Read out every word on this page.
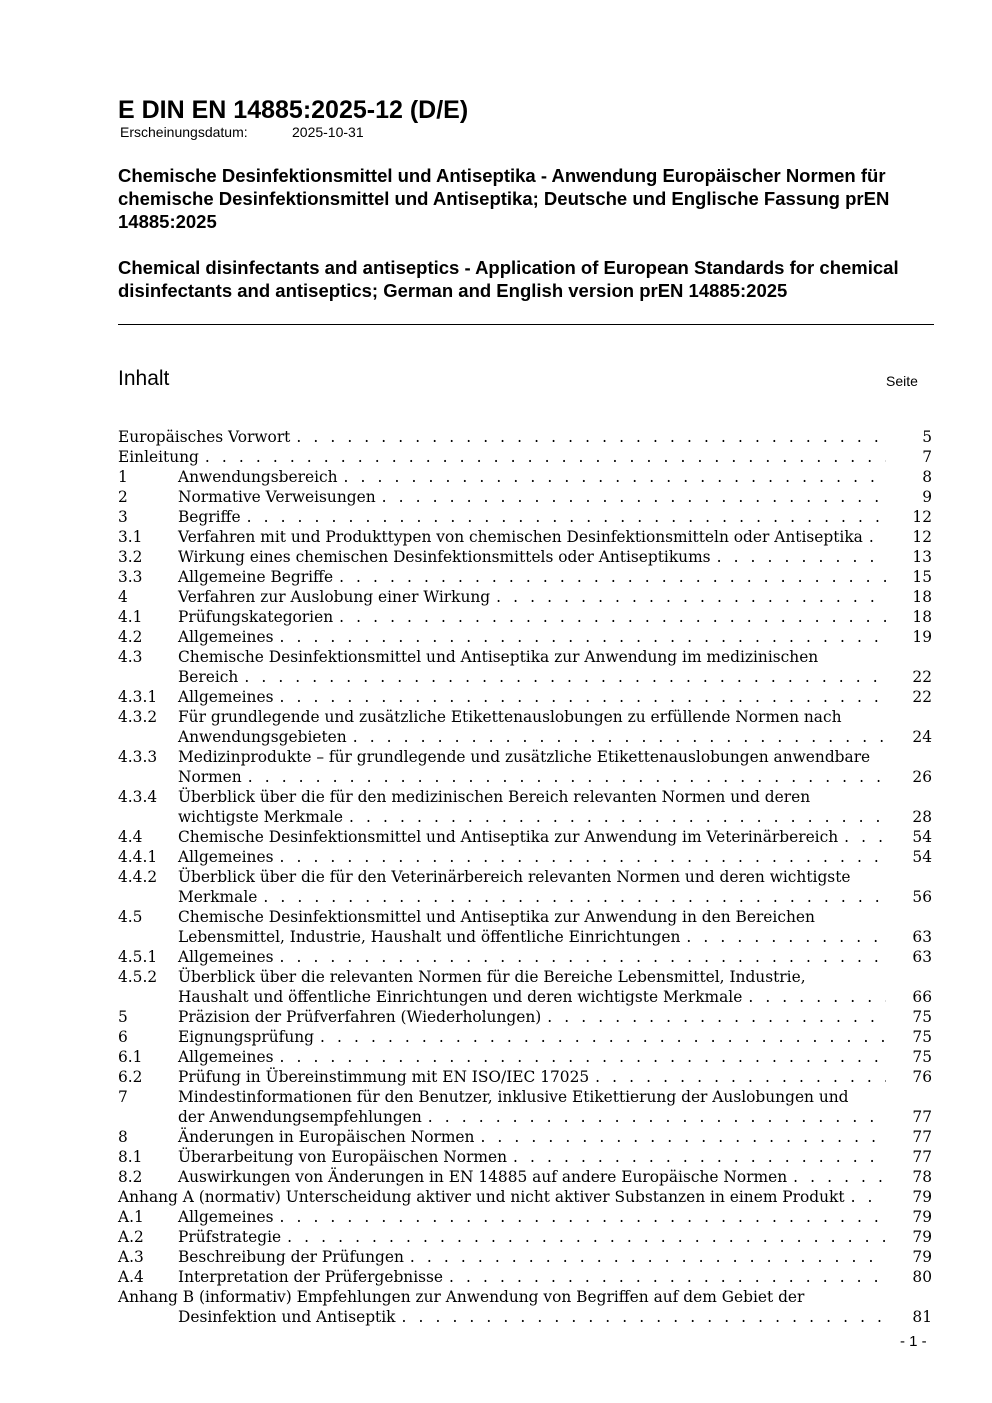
E DIN EN 14885:2025-12 (D/E)
Erscheinungsdatum:	2025-10-31

Chemische Desinfektionsmittel und Antiseptika - Anwendung Europäischer Normen für chemische Desinfektionsmittel und Antiseptika; Deutsche und Englische Fassung prEN 14885:2025

Chemical disinfectants and antiseptics - Application of European Standards for chemical disinfectants and antiseptics; German and English version prEN 14885:2025

Inhalt	Seite
Europäisches Vorwort . . .	5
Einleitung . . .	7
1	Anwendungsbereich . . .	8
2	Normative Verweisungen . . .	9
3	Begriffe . . .	12
3.1	Verfahren mit und Produkttypen von chemischen Desinfektionsmitteln oder Antiseptika . . .	12
3.2	Wirkung eines chemischen Desinfektionsmittels oder Antiseptikums . . .	13
3.3	Allgemeine Begriffe . . .	15
4	Verfahren zur Auslobung einer Wirkung . . .	18
4.1	Prüfungskategorien . . .	18
4.2	Allgemeines . . .	19
4.3	Chemische Desinfektionsmittel und Antiseptika zur Anwendung im medizinischen
Bereich . . .	22
4.3.1	Allgemeines . . .	22
4.3.2	Für grundlegende und zusätzliche Etikettenauslobungen zu erfüllende Normen nach
Anwendungsgebieten . . .	24
4.3.3	Medizinprodukte – für grundlegende und zusätzliche Etikettenauslobungen anwendbare
Normen . . .	26
4.3.4	Überblick über die für den medizinischen Bereich relevanten Normen und deren
wichtigste Merkmale . . .	28
4.4	Chemische Desinfektionsmittel und Antiseptika zur Anwendung im Veterinärbereich . . .	54
4.4.1	Allgemeines . . .	54
4.4.2	Überblick über die für den Veterinärbereich relevanten Normen und deren wichtigste
Merkmale . . .	56
4.5	Chemische Desinfektionsmittel und Antiseptika zur Anwendung in den Bereichen
Lebensmittel, Industrie, Haushalt und öffentliche Einrichtungen . . .	63
4.5.1	Allgemeines . . .	63
4.5.2	Überblick über die relevanten Normen für die Bereiche Lebensmittel, Industrie,
Haushalt und öffentliche Einrichtungen und deren wichtigste Merkmale . . .	66
5	Präzision der Prüfverfahren (Wiederholungen) . . .	75
6	Eignungsprüfung . . .	75
6.1	Allgemeines . . .	75
6.2	Prüfung in Übereinstimmung mit EN ISO/IEC 17025 . . .	76
7	Mindestinformationen für den Benutzer, inklusive Etikettierung der Auslobungen und
der Anwendungsempfehlungen . . .	77
8	Änderungen in Europäischen Normen . . .	77
8.1	Überarbeitung von Europäischen Normen . . .	77
8.2	Auswirkungen von Änderungen in EN 14885 auf andere Europäische Normen . . .	78
Anhang A (normativ) Unterscheidung aktiver und nicht aktiver Substanzen in einem Produkt . . .	79
A.1	Allgemeines . . .	79
A.2	Prüfstrategie . . .	79
A.3	Beschreibung der Prüfungen . . .	79
A.4	Interpretation der Prüfergebnisse . . .	80
Anhang B (informativ) Empfehlungen zur Anwendung von Begriffen auf dem Gebiet der
Desinfektion und Antiseptik . . .	81
- 1 -
